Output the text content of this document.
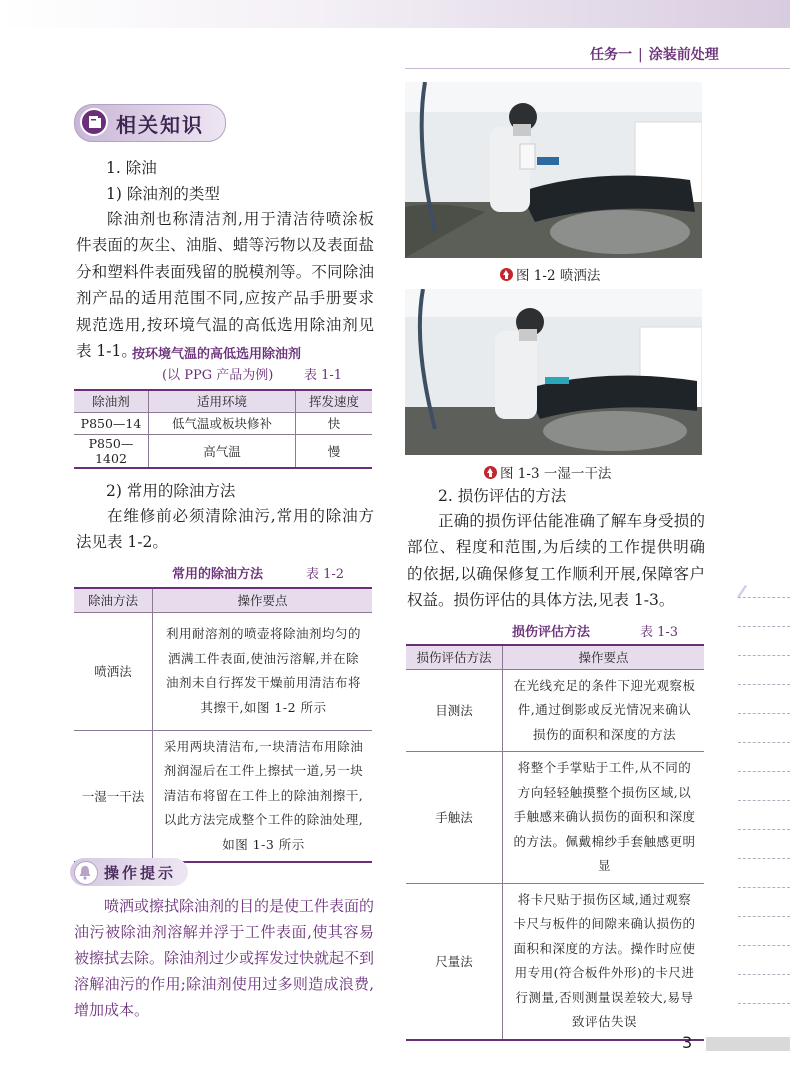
任务一 | 涂装前处理
相关知识
1. 除油
1) 除油剂的类型
除油剂也称清洁剂,用于清洁待喷涂板件表面的灰尘、油脂、蜡等污物以及表面盐分和塑料件表面残留的脱模剂等。不同除油剂产品的适用范围不同,应按产品手册要求规范选用,按环境气温的高低选用除油剂见表 1-1。
按环境气温的高低选用除油剂
(以 PPG 产品为例) 表 1-1
除油剂	适用环境	挥发速度
P850—14	低气温或板块修补	快
P850—1402	高气温	慢
2) 常用的除油方法
在维修前必须清除油污,常用的除油方法见表 1-2。
常用的除油方法	表 1-2
除油方法	操作要点
喷洒法	利用耐溶剂的喷壶将除油剂均匀的洒满工件表面,使油污溶解,并在除油剂未自行挥发干燥前用清洁布将其擦干,如图 1-2 所示
一湿一干法	采用两块清洁布,一块清洁布用除油剂润湿后在工件上擦拭一道,另一块清洁布将留在工件上的除油剂擦干,以此方法完成整个工件的除油处理,如图 1-3 所示
操作提示
喷洒或擦拭除油剂的目的是使工件表面的油污被除油剂溶解并浮于工件表面,使其容易被擦拭去除。除油剂过少或挥发过快就起不到溶解油污的作用;除油剂使用过多则造成浪费,增加成本。
图 1-2 喷洒法
图 1-3 一湿一干法
2. 损伤评估的方法
正确的损伤评估能准确了解车身受损的部位、程度和范围,为后续的工作提供明确的依据,以确保修复工作顺利开展,保障客户权益。损伤评估的具体方法,见表 1-3。
损伤评估方法	表 1-3
损伤评估方法	操作要点
目测法	在光线充足的条件下迎光观察板件,通过倒影或反光情况来确认损伤的面积和深度的方法
手触法	将整个手掌贴于工件,从不同的方向轻轻触摸整个损伤区域,以手触感来确认损伤的面积和深度的方法。佩戴棉纱手套触感更明显
尺量法	将卡尺贴于损伤区域,通过观察卡尺与板件的间隙来确认损伤的面积和深度的方法。操作时应使用专用(符合板件外形)的卡尺进行测量,否则测量误差较大,易导致评估失误
3
